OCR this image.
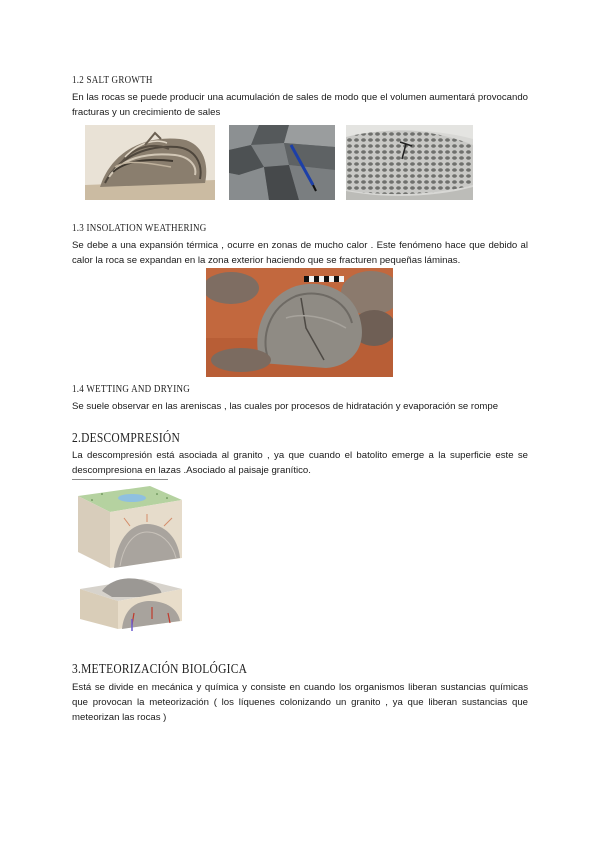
1.2 SALT GROWTH
En las rocas se puede producir una acumulación de sales de modo que el volumen aumentará provocando fracturas y un crecimiento de sales
1.3 INSOLATION WEATHERING
Se debe a una expansión térmica , ocurre en zonas de mucho calor . Este fenómeno hace que debido al calor la roca se expandan en la zona exterior haciendo que se fracturen pequeñas láminas.
1.4 WETTING AND DRYING
Se suele observar en las areniscas , las cuales por procesos de hidratación y evaporación se rompe
2.DESCOMPRESIÓN
La descompresión está asociada al granito , ya que cuando el batolito emerge a la superficie este se descompresiona en lazas .Asociado al paisaje granítico.
3.METEORIZACIÓN BIOLÓGICA
Está se divide en mecánica y química y consiste en cuando los organismos liberan sustancias químicas que provocan la meteorización ( los líquenes colonizando un granito , ya que liberan sustancias que meteorizan las rocas )
